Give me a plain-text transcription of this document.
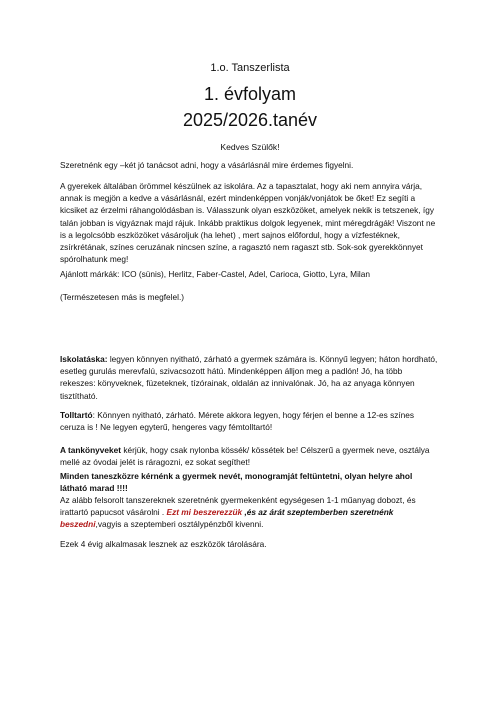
1.o. Tanszerlista
1. évfolyam
2025/2026.tanév
Kedves Szülők!
Szeretnénk egy –két jó tanácsot adni, hogy a vásárlásnál mire érdemes figyelni.
A gyerekek általában örömmel készülnek az iskolára. Az a tapasztalat, hogy aki nem annyira várja, annak is megjön a kedve a vásárlásnál, ezért mindenképpen vonják/vonjátok be őket! Ez segíti a kicsiket az érzelmi ráhangolódásban is. Válasszunk olyan eszközöket, amelyek nekik is tetszenek, így talán jobban is vigyáznak majd rájuk. Inkább praktikus dolgok legyenek, mint méregdrágák! Viszont ne is a legolcsóbb eszközöket vásároljuk (ha lehet) , mert sajnos előfordul, hogy a vízfestéknek, zsírkrétának, színes ceruzának nincsen színe, a ragasztó nem ragaszt stb. Sok-sok gyerekkönnyet spórolhatunk meg!
Ajánlott márkák: ICO (sünis), Herlitz, Faber-Castel, Adel, Carioca, Giotto, Lyra, Milan
(Természetesen más is megfelel.)
Iskolatáska: legyen könnyen nyitható, zárható a gyermek számára is. Könnyű legyen; háton hordható, esetleg gurulás merevfalú, szivacsozott hátú. Mindenképpen álljon meg a padlón! Jó, ha több rekeszes: könyveknek, füzeteknek, tízórainak, oldalán az innivalónak. Jó, ha az anyaga könnyen tisztítható.
Tolltartó: Könnyen nyitható, zárható. Mérete akkora legyen, hogy férjen el benne a 12-es színes ceruza is ! Ne legyen egyterű, hengeres vagy fémtolltartó!
A tankönyveket kérjük, hogy csak nylonba kössék/ kössétek be! Célszerű a gyermek neve, osztálya mellé az óvodai jelét is ráragozni, ez sokat segíthet!
Minden taneszközre kérnénk a gyermek nevét, monogramját feltüntetni, olyan helyre ahol látható marad !!!!
Az alább felsorolt tanszereknek szeretnénk gyermekenként egységesen 1-1 műanyag dobozt, és irattartó papucsot vásárolni . Ezt mi beszerezzük ,és az árát szeptemberben szeretnénk beszedni,vagyis a szeptemberi osztálypénzből kivenni.
Ezek 4 évig alkalmasak lesznek az eszközök tárolására.
